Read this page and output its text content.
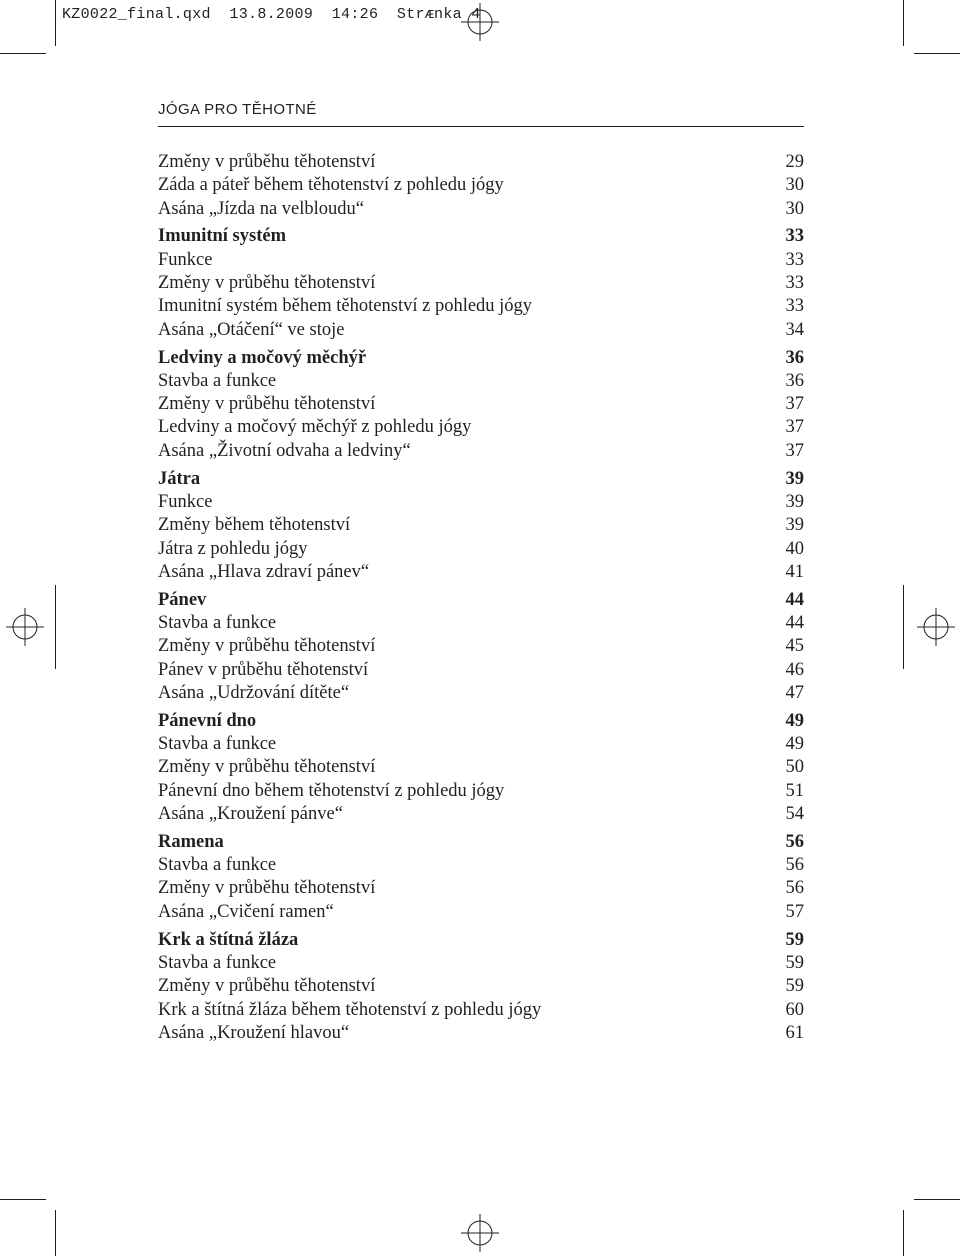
KZ0022_final.qxd  13.8.2009  14:26  Strᴁnka 4
JÓGA PRO TĚHOTNÉ
Změny v průběhu těhotenství	29
Záda a páteř během těhotenství z pohledu jógy	30
Asána „Jízda na velbloudu“	30
Imunitní systém	33
Funkce	33
Změny v průběhu těhotenství	33
Imunitní systém během těhotenství z pohledu jógy	33
Asána „Otáčení“ ve stoje	34
Ledviny a močový měchýř	36
Stavba a funkce	36
Změny v průběhu těhotenství	37
Ledviny a močový měchýř z pohledu jógy	37
Asána „Životní odvaha a ledviny“	37
Játra	39
Funkce	39
Změny během těhotenství	39
Játra z pohledu jógy	40
Asána „Hlava zdraví pánev“	41
Pánev	44
Stavba a funkce	44
Změny v průběhu těhotenství	45
Pánev v průběhu těhotenství	46
Asána „Udržování dítěte“	47
Pánevní dno	49
Stavba a funkce	49
Změny v průběhu těhotenství	50
Pánevní dno během těhotenství z pohledu jógy	51
Asána „Kroužení pánve“	54
Ramena	56
Stavba a funkce	56
Změny v průběhu těhotenství	56
Asána „Cvičení ramen“	57
Krk a štítná žláza	59
Stavba a funkce	59
Změny v průběhu těhotenství	59
Krk a štítná žláza během těhotenství z pohledu jógy	60
Asána „Kroužení hlavou“	61
